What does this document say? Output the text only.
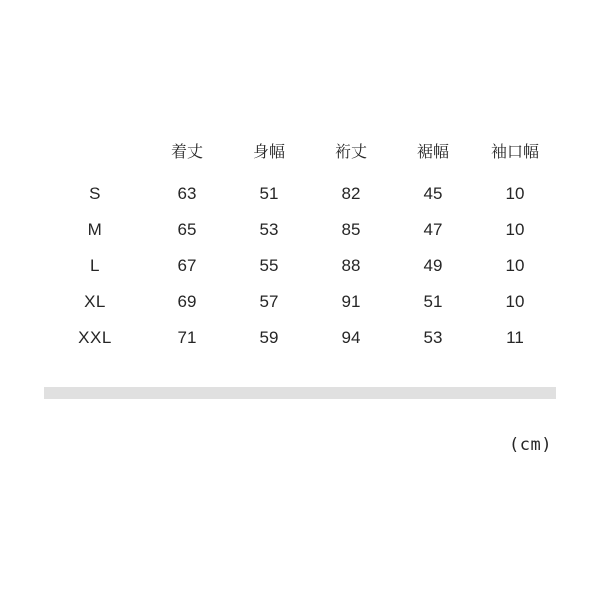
	着丈	身幅	裄丈	裾幅	袖口幅
S	63	51	82	45	10
M	65	53	85	47	10
L	67	55	88	49	10
XL	69	57	91	51	10
XXL	71	59	94	53	11
(cm)
